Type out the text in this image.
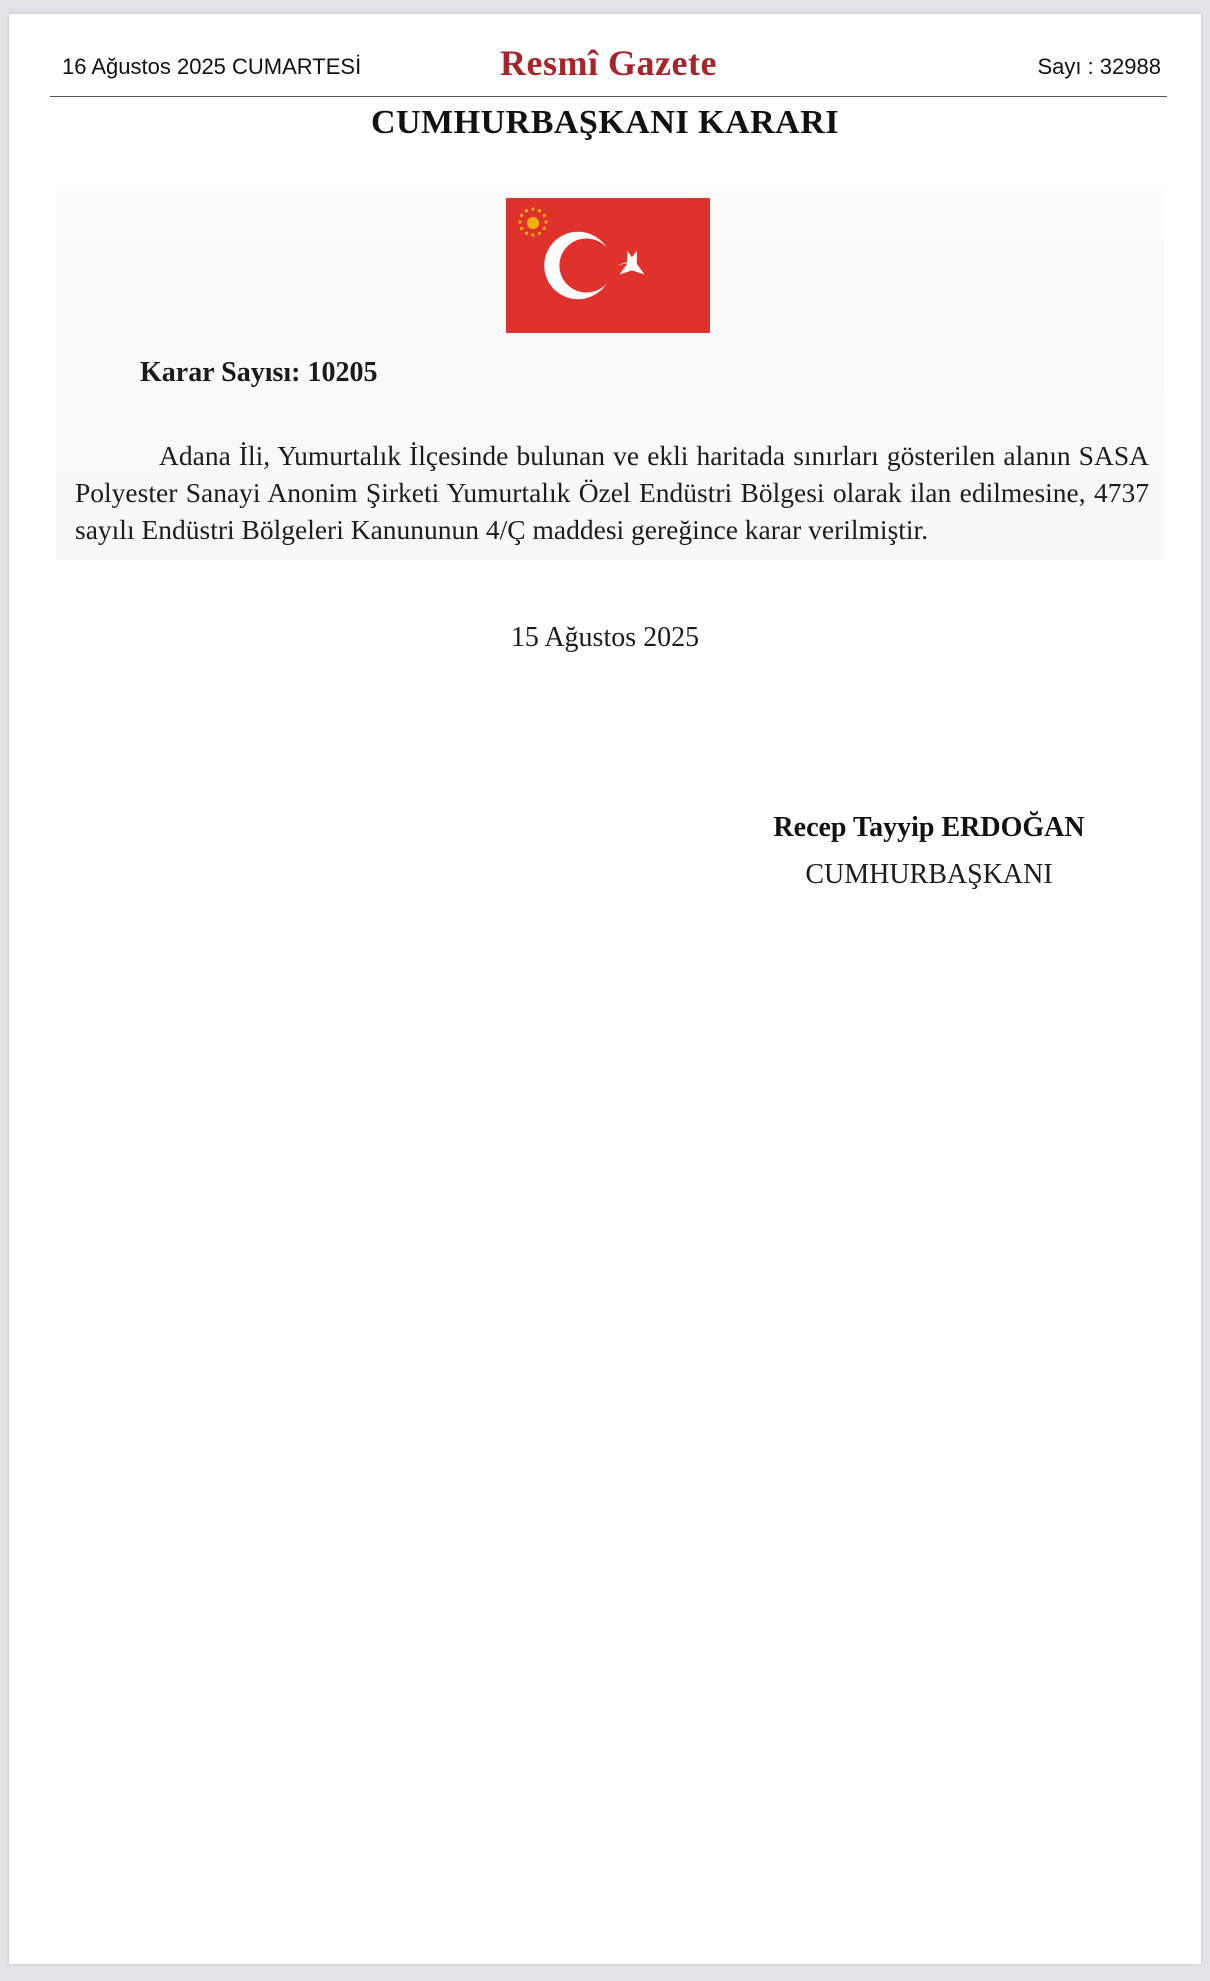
16 Ağustos 2025 CUMARTESİ	Resmî Gazete	Sayı : 32988
CUMHURBAŞKANI KARARI
Karar Sayısı: 10205

Adana İli, Yumurtalık İlçesinde bulunan ve ekli haritada sınırları gösterilen alanın SASA Polyester Sanayi Anonim Şirketi Yumurtalık Özel Endüstri Bölgesi olarak ilan edilmesine, 4737 sayılı Endüstri Bölgeleri Kanununun 4/Ç maddesi gereğince karar verilmiştir.

15 Ağustos 2025
Recep Tayyip ERDOĞAN
CUMHURBAŞKANI
